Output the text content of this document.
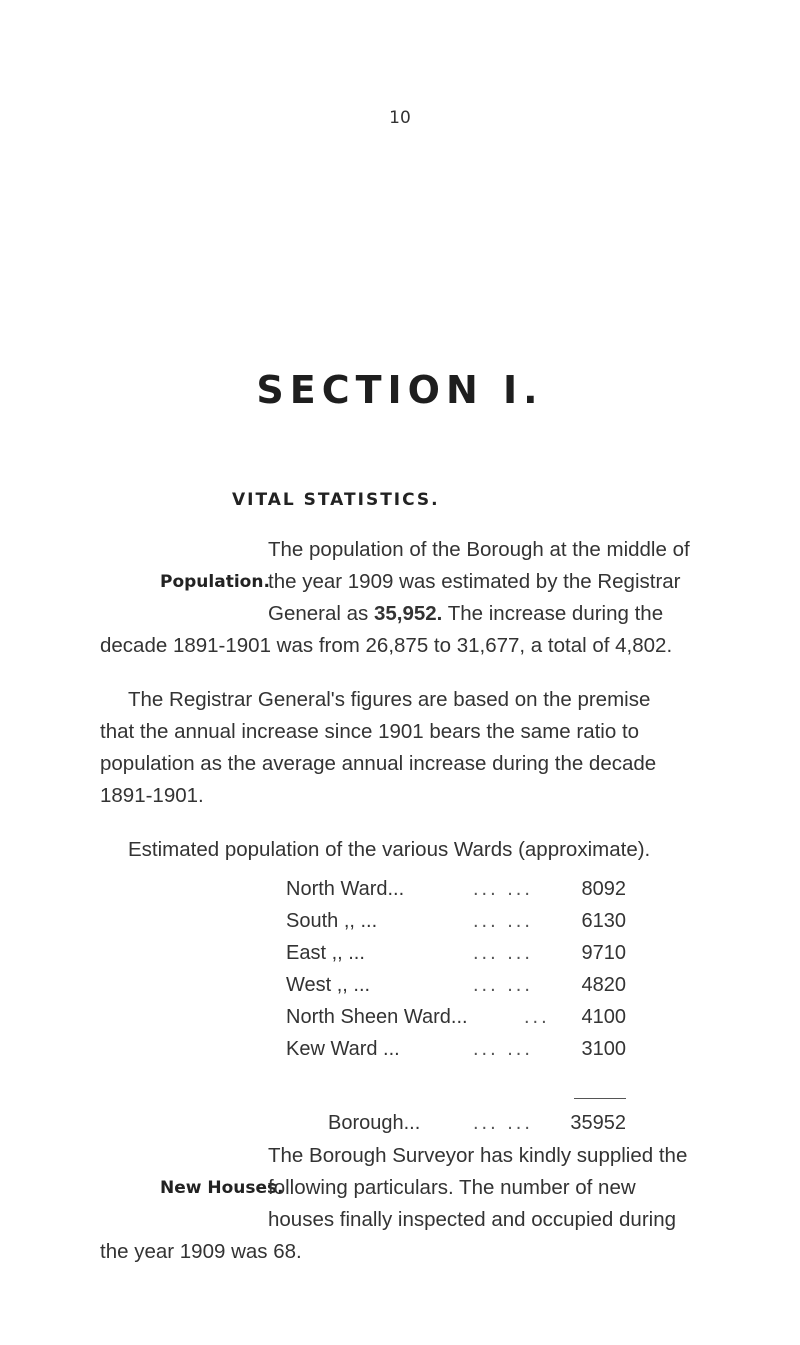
10
SECTION I.
VITAL STATISTICS.
Population.
The population of the Borough at the middle of
the year 1909 was estimated by the Registrar
General as 35,952. The increase during the
decade 1891-1901 was from 26,875 to 31,677, a total of 4,802.
The Registrar General's figures are based on the premise
that the annual increase since 1901 bears the same ratio to
population as the average annual increase during the decade
1891-1901.
Estimated population of the various Wards (approximate).
North Ward...	... ... 8092
South ,, ...	... ... 6130
East ,, ...	... ... 9710
West ,, ...	... ... 4820
North Sheen Ward...	... 4100
Kew Ward ...	... ... 3100
Borough...	... ... 35952
New Houses.
The Borough Surveyor has kindly supplied the
following particulars. The number of new
houses finally inspected and occupied during
the year 1909 was 68.
